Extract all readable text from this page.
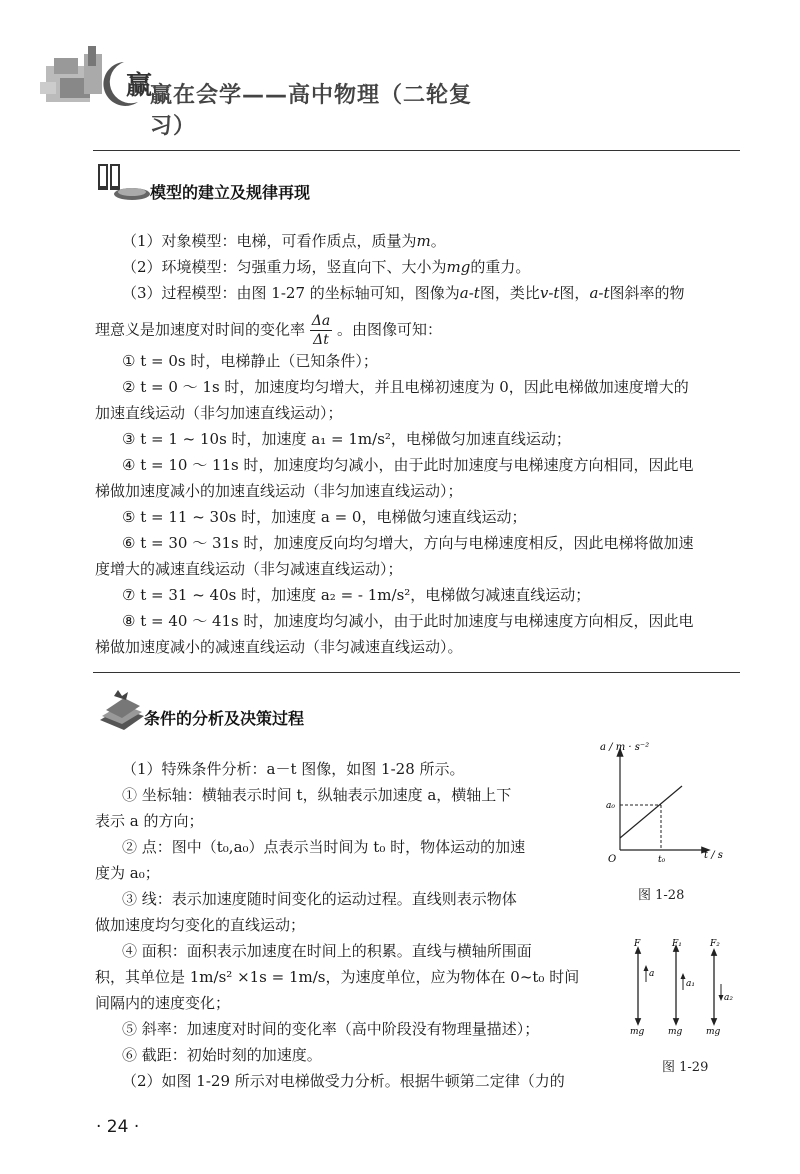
赢
赢在会学——高中物理（二轮复习）
模型的建立及规律再现
（1）对象模型：电梯，可看作质点，质量为m。
（2）环境模型：匀强重力场，竖直向下、大小为mg的重力。
（3）过程模型：由图 1-27 的坐标轴可知，图像为a-t图，类比v-t图，a-t图斜率的物
理意义是加速度对时间的变化率 $\frac{\Delta a}{\Delta t}$ 。由图像可知：
① t = 0s 时，电梯静止（已知条件）；
② t = 0 ～ 1s 时，加速度均匀增大，并且电梯初速度为 0，因此电梯做加速度增大的
加速直线运动（非匀加速直线运动）；
③ t = 1 ~ 10s 时，加速度 a₁ = 1m/s²，电梯做匀加速直线运动；
④ t = 10 ～ 11s 时，加速度均匀减小，由于此时加速度与电梯速度方向相同，因此电
梯做加速度减小的加速直线运动（非匀加速直线运动）；
⑤ t = 11 ~ 30s 时，加速度 a = 0，电梯做匀速直线运动；
⑥ t = 30 ～ 31s 时，加速度反向均匀增大，方向与电梯速度相反，因此电梯将做加速
度增大的减速直线运动（非匀减速直线运动）；
⑦ t = 31 ~ 40s 时，加速度 a₂ = - 1m/s²，电梯做匀减速直线运动；
⑧ t = 40 ～ 41s 时，加速度均匀减小，由于此时加速度与电梯速度方向相反，因此电
梯做加速度减小的减速直线运动（非匀减速直线运动）。
条件的分析及决策过程
（1）特殊条件分析：a－t 图像，如图 1-28 所示。
① 坐标轴：横轴表示时间 t，纵轴表示加速度 a，横轴上下
表示 a 的方向；
② 点：图中（t₀,a₀）点表示当时间为 t₀ 时，物体运动的加速
度为 a₀；
③ 线：表示加速度随时间变化的运动过程。直线则表示物体
做加速度均匀变化的直线运动；
④ 面积：面积表示加速度在时间上的积累。直线与横轴所围面
积，其单位是 1m/s² ×1s = 1m/s，为速度单位，应为物体在 0~t₀ 时间
间隔内的速度变化；
⑤ 斜率：加速度对时间的变化率（高中阶段没有物理量描述）；
⑥ 截距：初始时刻的加速度。
（2）如图 1-29 所示对电梯做受力分析。根据牛顿第二定律（力的
a / m · s⁻²
t / s
O
a₀
t₀
图 1-28
F
a
mg
F₁
a₁
mg
F₂
a₂
mg
图 1-29
· 24 ·
